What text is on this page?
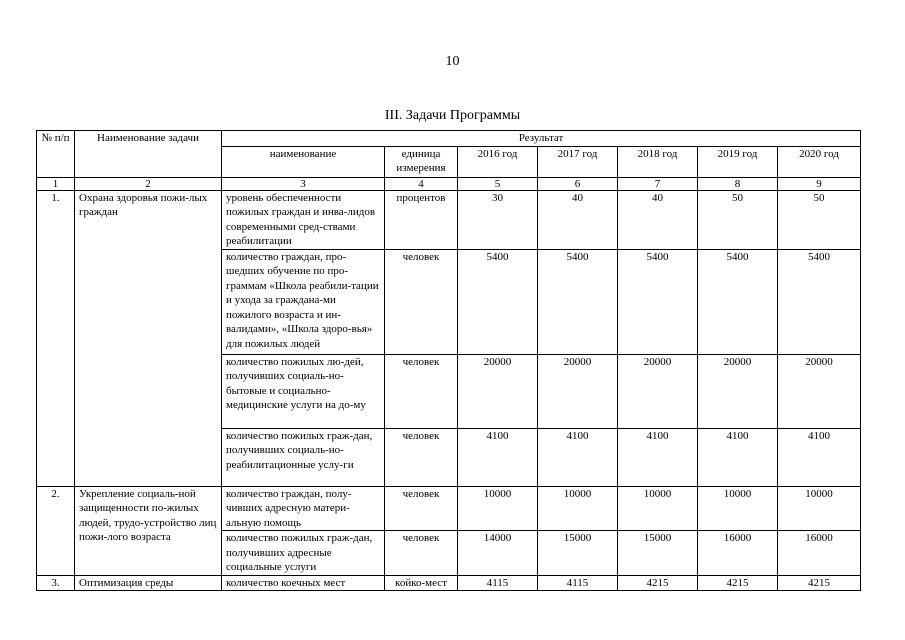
10
III. Задачи Программы
№ п/п	Наименование задачи	Результат						
		наименование	единица измерения	2016 год	2017 год	2018 год	2019 год	2020 год
1	2	3	4	5	6	7	8	9
1.	Охрана здоровья пожи-лых граждан	уровень обеспеченности пожилых граждан и инва-лидов современными сред-ствами реабилитации	процентов	30	40	40	50	50
		количество граждан, про-шедших обучение по про-граммам «Школа реабили-тации и ухода за граждана-ми пожилого возраста и ин-валидами», «Школа здоро-вья» для пожилых людей	человек	5400	5400	5400	5400	5400
		количество пожилых лю-дей, получивших социаль-но-бытовые и социально-медицинские услуги на до-му	человек	20000	20000	20000	20000	20000
		количество пожилых граж-дан, получивших социаль-но-реабилитационные услу-ги	человек	4100	4100	4100	4100	4100
2.	Укрепление социаль-ной защищенности по-жилых людей, трудо-устройство лиц пожи-лого возраста	количество граждан, полу-чивших адресную матери-альную помощь	человек	10000	10000	10000	10000	10000
		количество пожилых граж-дан, получивших адресные социальные услуги	человек	14000	15000	15000	16000	16000
3.	Оптимизация среды	количество коечных мест	койко-мест	4115	4115	4215	4215	4215
